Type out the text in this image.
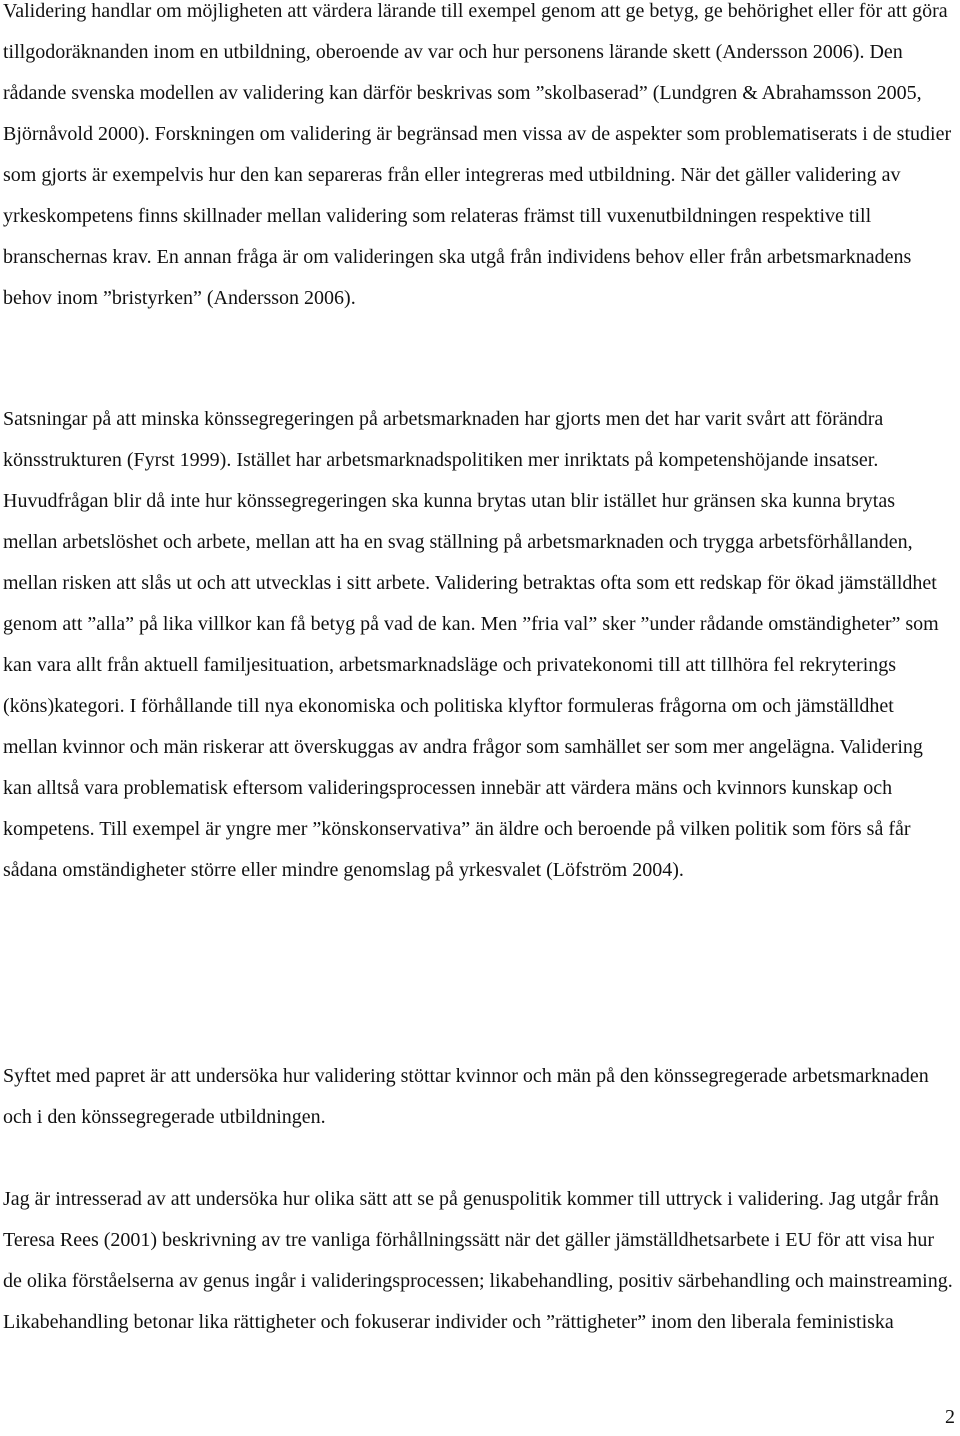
Validering handlar om möjligheten att värdera lärande till exempel genom att ge betyg, ge behörighet eller för att göra tillgodoräknanden inom en utbildning, oberoende av var och hur personens lärande skett (Andersson 2006). Den rådande svenska modellen av validering kan därför beskrivas som ”skolbaserad” (Lundgren & Abrahamsson 2005, Björnåvold 2000). Forskningen om validering är begränsad men vissa av de aspekter som problematiserats i de studier som gjorts är exempelvis hur den kan separeras från eller integreras med utbildning. När det gäller validering av yrkeskompetens finns skillnader mellan validering som relateras främst till vuxenutbildningen respektive till branschernas krav. En annan fråga är om valideringen ska utgå från individens behov eller från arbetsmarknadens behov inom ”bristyrken” (Andersson 2006).

Satsningar på att minska könssegregeringen på arbetsmarknaden har gjorts men det har varit svårt att förändra könsstrukturen (Fyrst 1999). Istället har arbetsmarknadspolitiken mer inriktats på kompetenshöjande insatser. Huvudfrågan blir då inte hur könssegregeringen ska kunna brytas utan blir istället hur gränsen ska kunna brytas mellan arbetslöshet och arbete, mellan att ha en svag ställning på arbetsmarknaden och trygga arbetsförhållanden, mellan risken att slås ut och att utvecklas i sitt arbete. Validering betraktas ofta som ett redskap för ökad jämställdhet genom att ”alla” på lika villkor kan få betyg på vad de kan. Men ”fria val” sker ”under rådande omständigheter” som kan vara allt från aktuell familjesituation, arbetsmarknadsläge och privatekonomi till att tillhöra fel rekryterings (köns)kategori. I förhållande till nya ekonomiska och politiska klyftor formuleras frågorna om och jämställdhet mellan kvinnor och män riskerar att överskuggas av andra frågor som samhället ser som mer angelägna. Validering kan alltså vara problematisk eftersom valideringsprocessen innebär att värdera mäns och kvinnors kunskap och kompetens. Till exempel är yngre mer ”könskonservativa” än äldre och beroende på vilken politik som förs så får sådana omständigheter större eller mindre genomslag på yrkesvalet (Löfström 2004).

Syftet med papret är att undersöka hur validering stöttar kvinnor och män på den könssegregerade arbetsmarknaden och i den könssegregerade utbildningen.

Jag är intresserad av att undersöka hur olika sätt att se på genuspolitik kommer till uttryck i validering. Jag utgår från Teresa Rees (2001) beskrivning av tre vanliga förhållningssätt när det gäller jämställdhetsarbete i EU för att visa hur de olika förståelserna av genus ingår i valideringsprocessen; likabehandling, positiv särbehandling och mainstreaming. Likabehandling betonar lika rättigheter och fokuserar individer och ”rättigheter” inom den liberala feministiska

2
